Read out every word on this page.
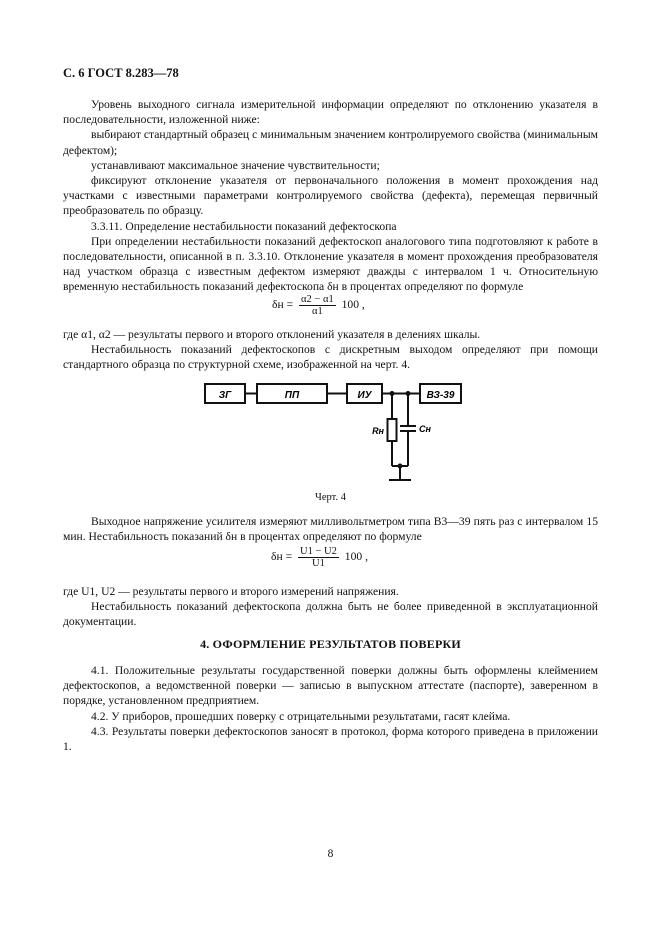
С. 6 ГОСТ 8.283—78

Уровень выходного сигнала измерительной информации определяют по отклонению указателя в последовательности, изложенной ниже:

выбирают стандартный образец с минимальным значением контролируемого свойства (минимальным дефектом);

устанавливают максимальное значение чувствительности;

фиксируют отклонение указателя от первоначального положения в момент прохождения над участками с известными параметрами контролируемого свойства (дефекта), перемещая первичный преобразователь по образцу.

3.3.11. Определение нестабильности показаний дефектоскопа

При определении нестабильности показаний дефектоскоп аналогового типа подготовляют к работе в последовательности, описанной в п. 3.3.10. Отклонение указателя в момент прохождения преобразователя над участком образца с известным дефектом измеряют дважды с интервалом 1 ч. Относительную временную нестабильность показаний дефектоскопа δн в процентах определяют по формуле

$\delta н = \frac{\alpha 2 - \alpha 1}{\alpha 1} 100$ ,

где α1, α2 — результаты первого и второго отклонений указателя в делениях шкалы.

Нестабильность показаний дефектоскопов с дискретным выходом определяют при помощи стандартного образца по структурной схеме, изображенной на черт. 4.

ЗГ	ПП	ИУ	ВЗ-39
Rн	Cн
Черт. 4

Выходное напряжение усилителя измеряют милливольтметром типа В3—39 пять раз с интервалом 15 мин. Нестабильность показаний δн в процентах определяют по формуле

$\delta н = \frac{U1 - U2}{U1} 100$ ,

где U1, U2 — результаты первого и второго измерений напряжения.

Нестабильность показаний дефектоскопа должна быть не более приведенной в эксплуатационной документации.

4. ОФОРМЛЕНИЕ РЕЗУЛЬТАТОВ ПОВЕРКИ

4.1. Положительные результаты государственной поверки должны быть оформлены клеймением дефектоскопов, а ведомственной поверки — записью в выпускном аттестате (паспорте), заверенном в порядке, установленном предприятием.

4.2. У приборов, прошедших поверку с отрицательными результатами, гасят клейма.

4.3. Результаты поверки дефектоскопов заносят в протокол, форма которого приведена в приложении 1.

8
